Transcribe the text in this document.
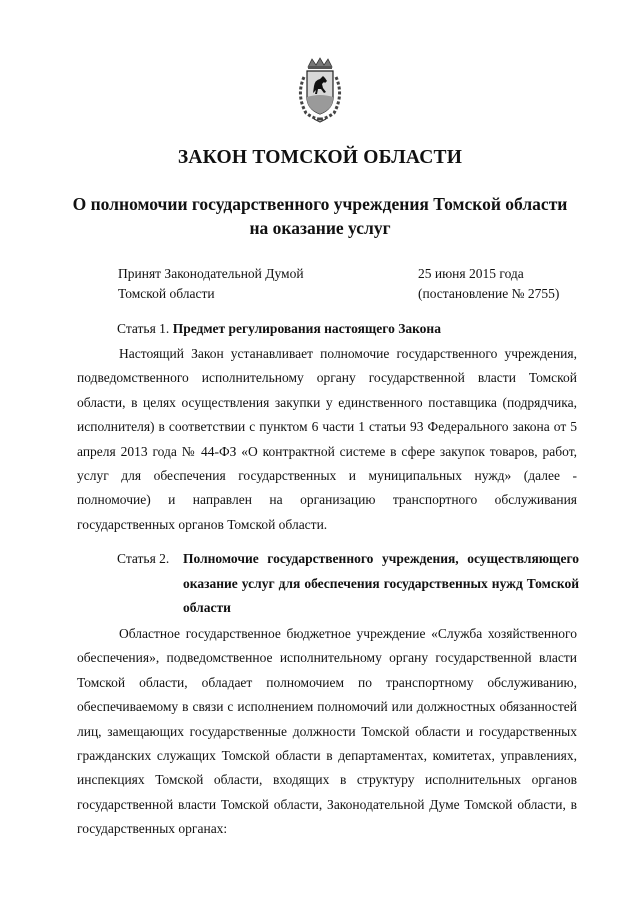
ЗАКОН ТОМСКОЙ ОБЛАСТИ
О полномочии государственного учреждения Томской области на оказание услуг
Принят Законодательной Думой
Томской области
25 июня 2015 года
(постановление № 2755)
Статья 1. Предмет регулирования настоящего Закона
Настоящий Закон устанавливает полномочие государственного учреждения, подведомственного исполнительному органу государственной власти Томской области, в целях осуществления закупки у единственного поставщика (подрядчика, исполнителя) в соответствии с пунктом 6 части 1 статьи 93 Федерального закона от 5 апреля 2013 года № 44-ФЗ «О контрактной системе в сфере закупок товаров, работ, услуг для обеспечения государственных и муниципальных нужд» (далее - полномочие) и направлен на организацию транспортного обслуживания государственных органов Томской области.
Статья 2.	Полномочие государственного учреждения, осуществляющего оказание услуг для обеспечения государственных нужд Томской области
Областное государственное бюджетное учреждение «Служба хозяйственного обеспечения», подведомственное исполнительному органу государственной власти Томской области, обладает полномочием по транспортному обслуживанию, обеспечиваемому в связи с исполнением полномочий или должностных обязанностей лиц, замещающих государственные должности Томской области и государственных гражданских служащих Томской области в департаментах, комитетах, управлениях, инспекциях Томской области, входящих в структуру исполнительных органов государственной власти Томской области, Законодательной Думе Томской области, в государственных органах:
